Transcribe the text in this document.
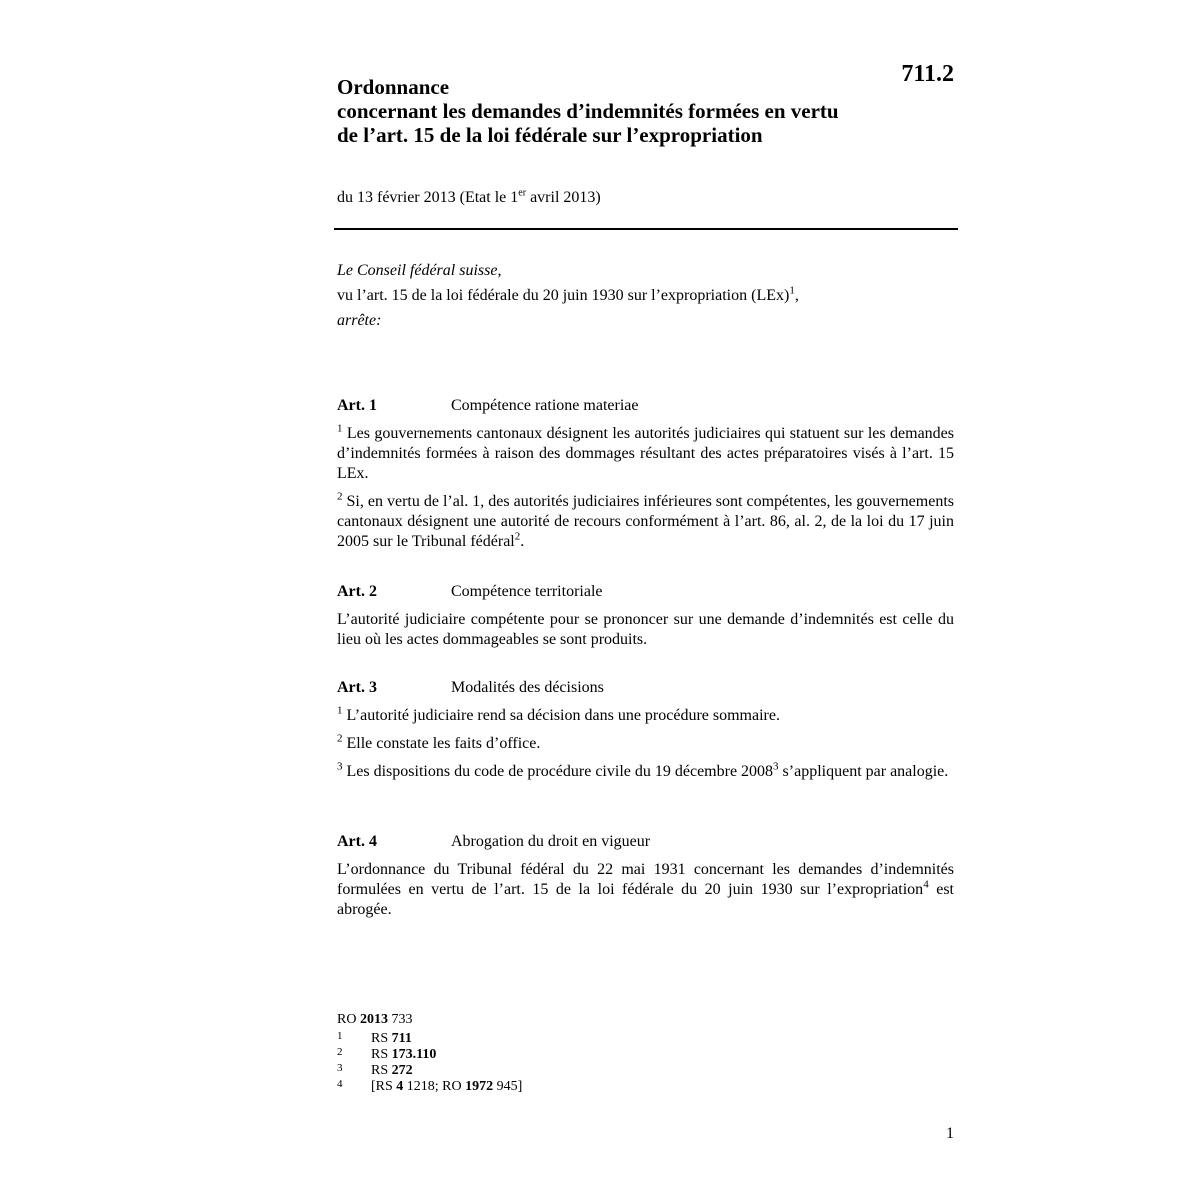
711.2
Ordonnance
concernant les demandes d’indemnités formées en vertu
de l’art. 15 de la loi fédérale sur l’expropriation
du 13 février 2013 (Etat le 1er avril 2013)
Le Conseil fédéral suisse,
vu l’art. 15 de la loi fédérale du 20 juin 1930 sur l’expropriation (LEx)$^1$,
arrête:
Art. 1	Compétence ratione materiae
$^1$ Les gouvernements cantonaux désignent les autorités judiciaires qui statuent sur les demandes d’indemnités formées à raison des dommages résultant des actes préparatoires visés à l’art. 15 LEx.
$^2$ Si, en vertu de l’al. 1, des autorités judiciaires inférieures sont compétentes, les gouvernements cantonaux désignent une autorité de recours conformément à l’art. 86, al. 2, de la loi du 17 juin 2005 sur le Tribunal fédéral$^2$.
Art. 2	Compétence territoriale
L’autorité judiciaire compétente pour se prononcer sur une demande d’indemnités est celle du lieu où les actes dommageables se sont produits.
Art. 3	Modalités des décisions
$^1$ L’autorité judiciaire rend sa décision dans une procédure sommaire.
$^2$ Elle constate les faits d’office.
$^3$ Les dispositions du code de procédure civile du 19 décembre 2008$^3$ s’appliquent par analogie.
Art. 4	Abrogation du droit en vigueur
L’ordonnance du Tribunal fédéral du 22 mai 1931 concernant les demandes d’indemnités formulées en vertu de l’art. 15 de la loi fédérale du 20 juin 1930 sur l’expropriation$^4$ est abrogée.
RO 2013 733
1	RS 711
2	RS 173.110
3	RS 272
4	[RS 4 1218; RO 1972 945]
1
